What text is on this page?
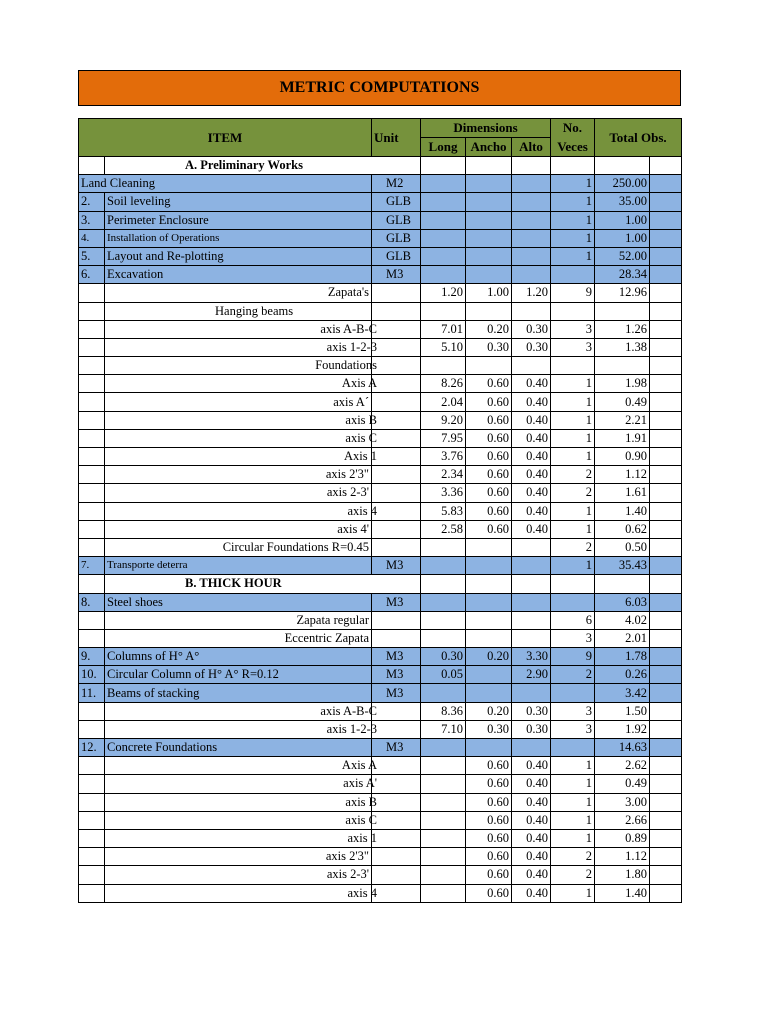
METRIC COMPUTATIONS
ITEM	Unit	Dimensions	No.	Total Obs.
Long	Ancho	Alto	Veces
	A. Preliminary Works						
Land Cleaning	M2				1	250.00	
2.	Soil leveling	GLB				1	35.00	
3.	Perimeter Enclosure	GLB				1	1.00	
4.	Installation of Operations	GLB				1	1.00	
5.	Layout and Re-plotting	GLB				1	52.00	
6.	Excavation	M3					28.34	
	Zapata's		1.20	1.00	1.20	9	12.96	
	Hanging beams							
	axis A-B-C		7.01	0.20	0.30	3	1.26	
	axis 1-2-3		5.10	0.30	0.30	3	1.38	
	Foundations							
	Axis A		8.26	0.60	0.40	1	1.98	
	axis A´		2.04	0.60	0.40	1	0.49	
	axis B		9.20	0.60	0.40	1	2.21	
	axis C		7.95	0.60	0.40	1	1.91	
	Axis 1		3.76	0.60	0.40	1	0.90	
	axis 2'3"		2.34	0.60	0.40	2	1.12	
	axis 2-3'		3.36	0.60	0.40	2	1.61	
	axis 4		5.83	0.60	0.40	1	1.40	
	axis 4'		2.58	0.60	0.40	1	0.62	
	Circular Foundations R=0.45					2	0.50	
7.	Transporte deterra	M3				1	35.43	
	B. THICK HOUR						
8.	Steel shoes	M3					6.03	
	Zapata regular					6	4.02	
	Eccentric Zapata					3	2.01	
9.	Columns of H° A°	M3	0.30	0.20	3.30	9	1.78	
10.	Circular Column of H° A° R=0.12	M3	0.05		2.90	2	0.26	
11.	Beams of stacking	M3					3.42	
	axis A-B-C		8.36	0.20	0.30	3	1.50	
	axis 1-2-3		7.10	0.30	0.30	3	1.92	
12.	Concrete Foundations	M3					14.63	
	Axis A			0.60	0.40	1	2.62	
	axis A'			0.60	0.40	1	0.49	
	axis B			0.60	0.40	1	3.00	
	axis C			0.60	0.40	1	2.66	
	axis 1			0.60	0.40	1	0.89	
	axis 2'3"			0.60	0.40	2	1.12	
	axis 2-3'			0.60	0.40	2	1.80	
	axis 4			0.60	0.40	1	1.40	
